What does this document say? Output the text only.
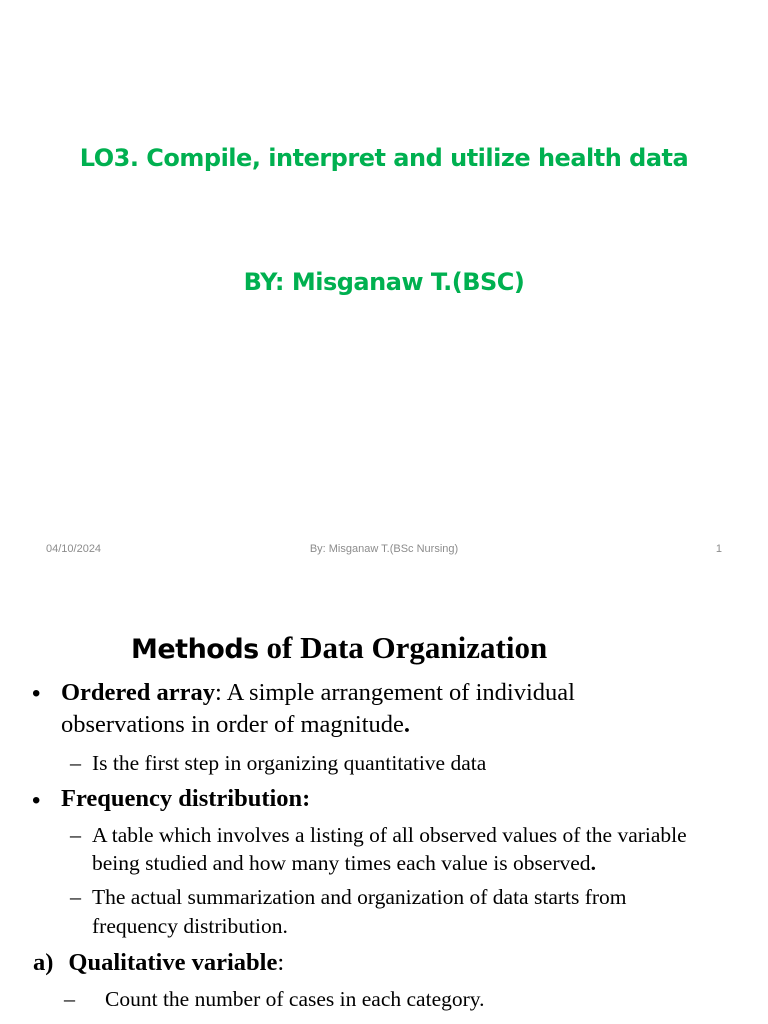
LO3. Compile, interpret and utilize health data
BY: Misganaw T.(BSC)
04/10/2024	By: Misganaw T.(BSc Nursing)	1
Methods of Data Organization
• Ordered array: A simple arrangement of individual
observations in order of magnitude.
– Is the first step in organizing quantitative data
• Frequency distribution:
– A table which involves a listing of all observed values of the variable
being studied and how many times each value is observed.
– The actual summarization and organization of data starts from
frequency distribution.
a) Qualitative variable:
– Count the number of cases in each category.
